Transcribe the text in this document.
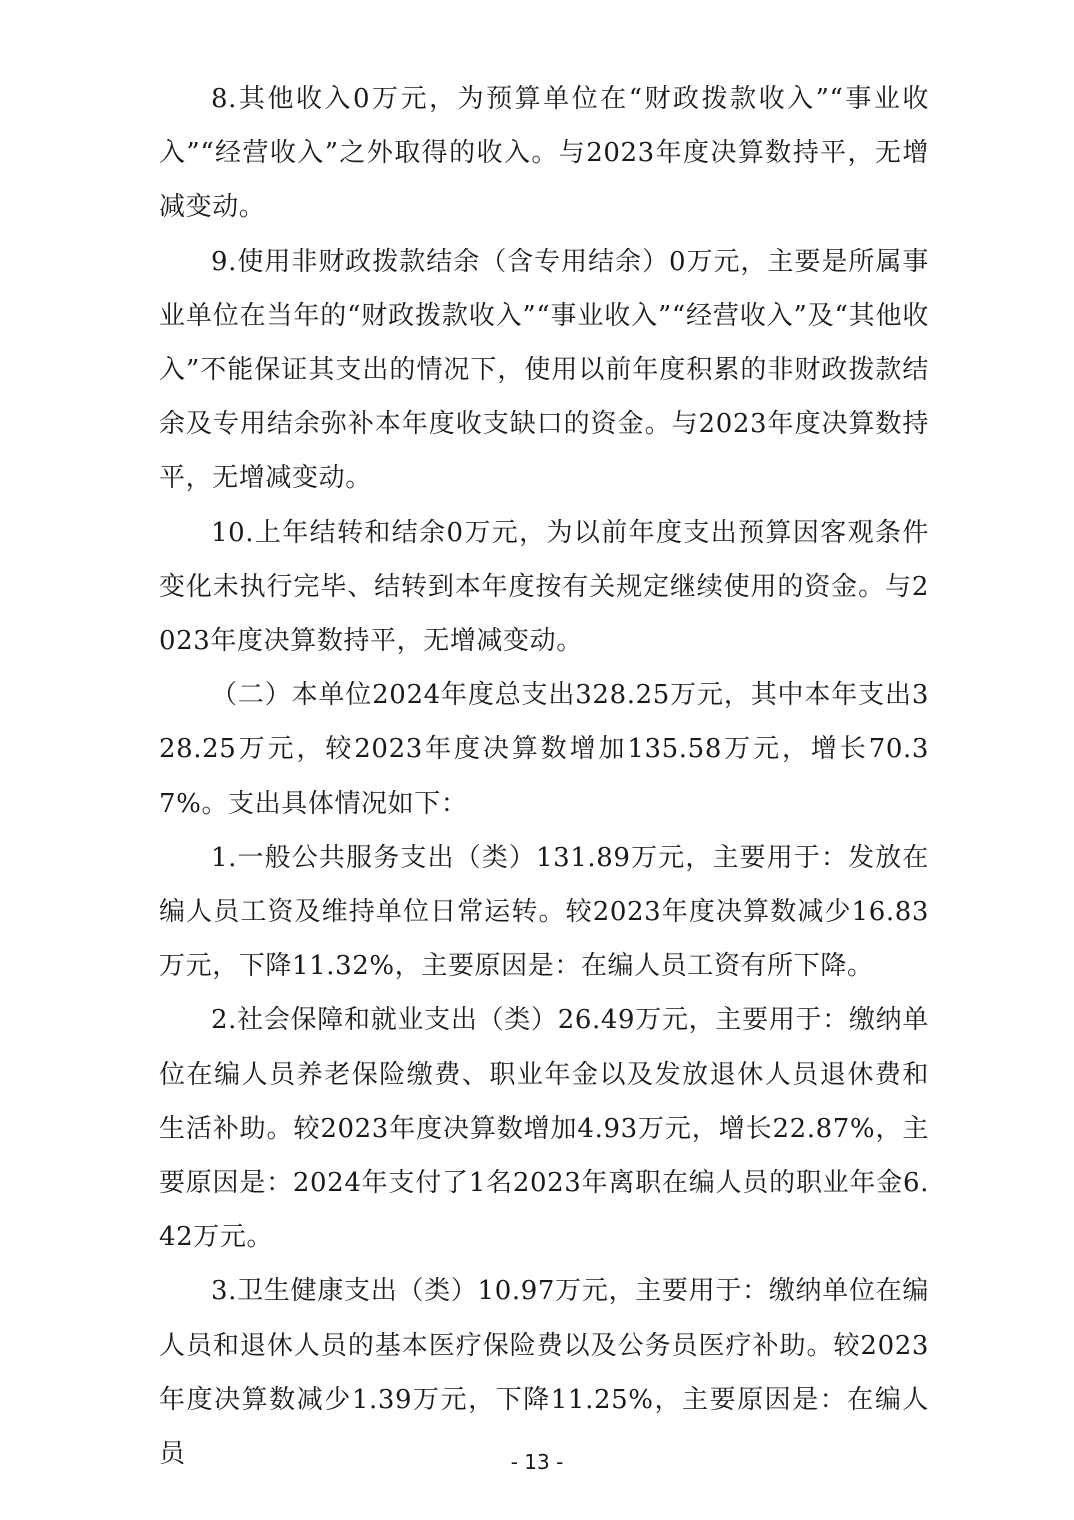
8.其他收入0万元，为预算单位在“财政拨款收入”“事业收入”“经营收入”之外取得的收入。与2023年度决算数持平，无增减变动。

9.使用非财政拨款结余（含专用结余）0万元，主要是所属事业单位在当年的“财政拨款收入”“事业收入”“经营收入”及“其他收入”不能保证其支出的情况下，使用以前年度积累的非财政拨款结余及专用结余弥补本年度收支缺口的资金。与2023年度决算数持平，无增减变动。

10.上年结转和结余0万元，为以前年度支出预算因客观条件变化未执行完毕、结转到本年度按有关规定继续使用的资金。与2023年度决算数持平，无增减变动。

（二）本单位2024年度总支出328.25万元，其中本年支出328.25万元，较2023年度决算数增加135.58万元，增长70.37%。支出具体情况如下：

1.一般公共服务支出（类）131.89万元，主要用于：发放在编人员工资及维持单位日常运转。较2023年度决算数减少16.83万元，下降11.32%，主要原因是：在编人员工资有所下降。

2.社会保障和就业支出（类）26.49万元，主要用于：缴纳单位在编人员养老保险缴费、职业年金以及发放退休人员退休费和生活补助。较2023年度决算数增加4.93万元，增长22.87%，主要原因是：2024年支付了1名2023年离职在编人员的职业年金6.42万元。

3.卫生健康支出（类）10.97万元，主要用于：缴纳单位在编人员和退休人员的基本医疗保险费以及公务员医疗补助。较2023年度决算数减少1.39万元，下降11.25%，主要原因是：在编人员	- 13 -
